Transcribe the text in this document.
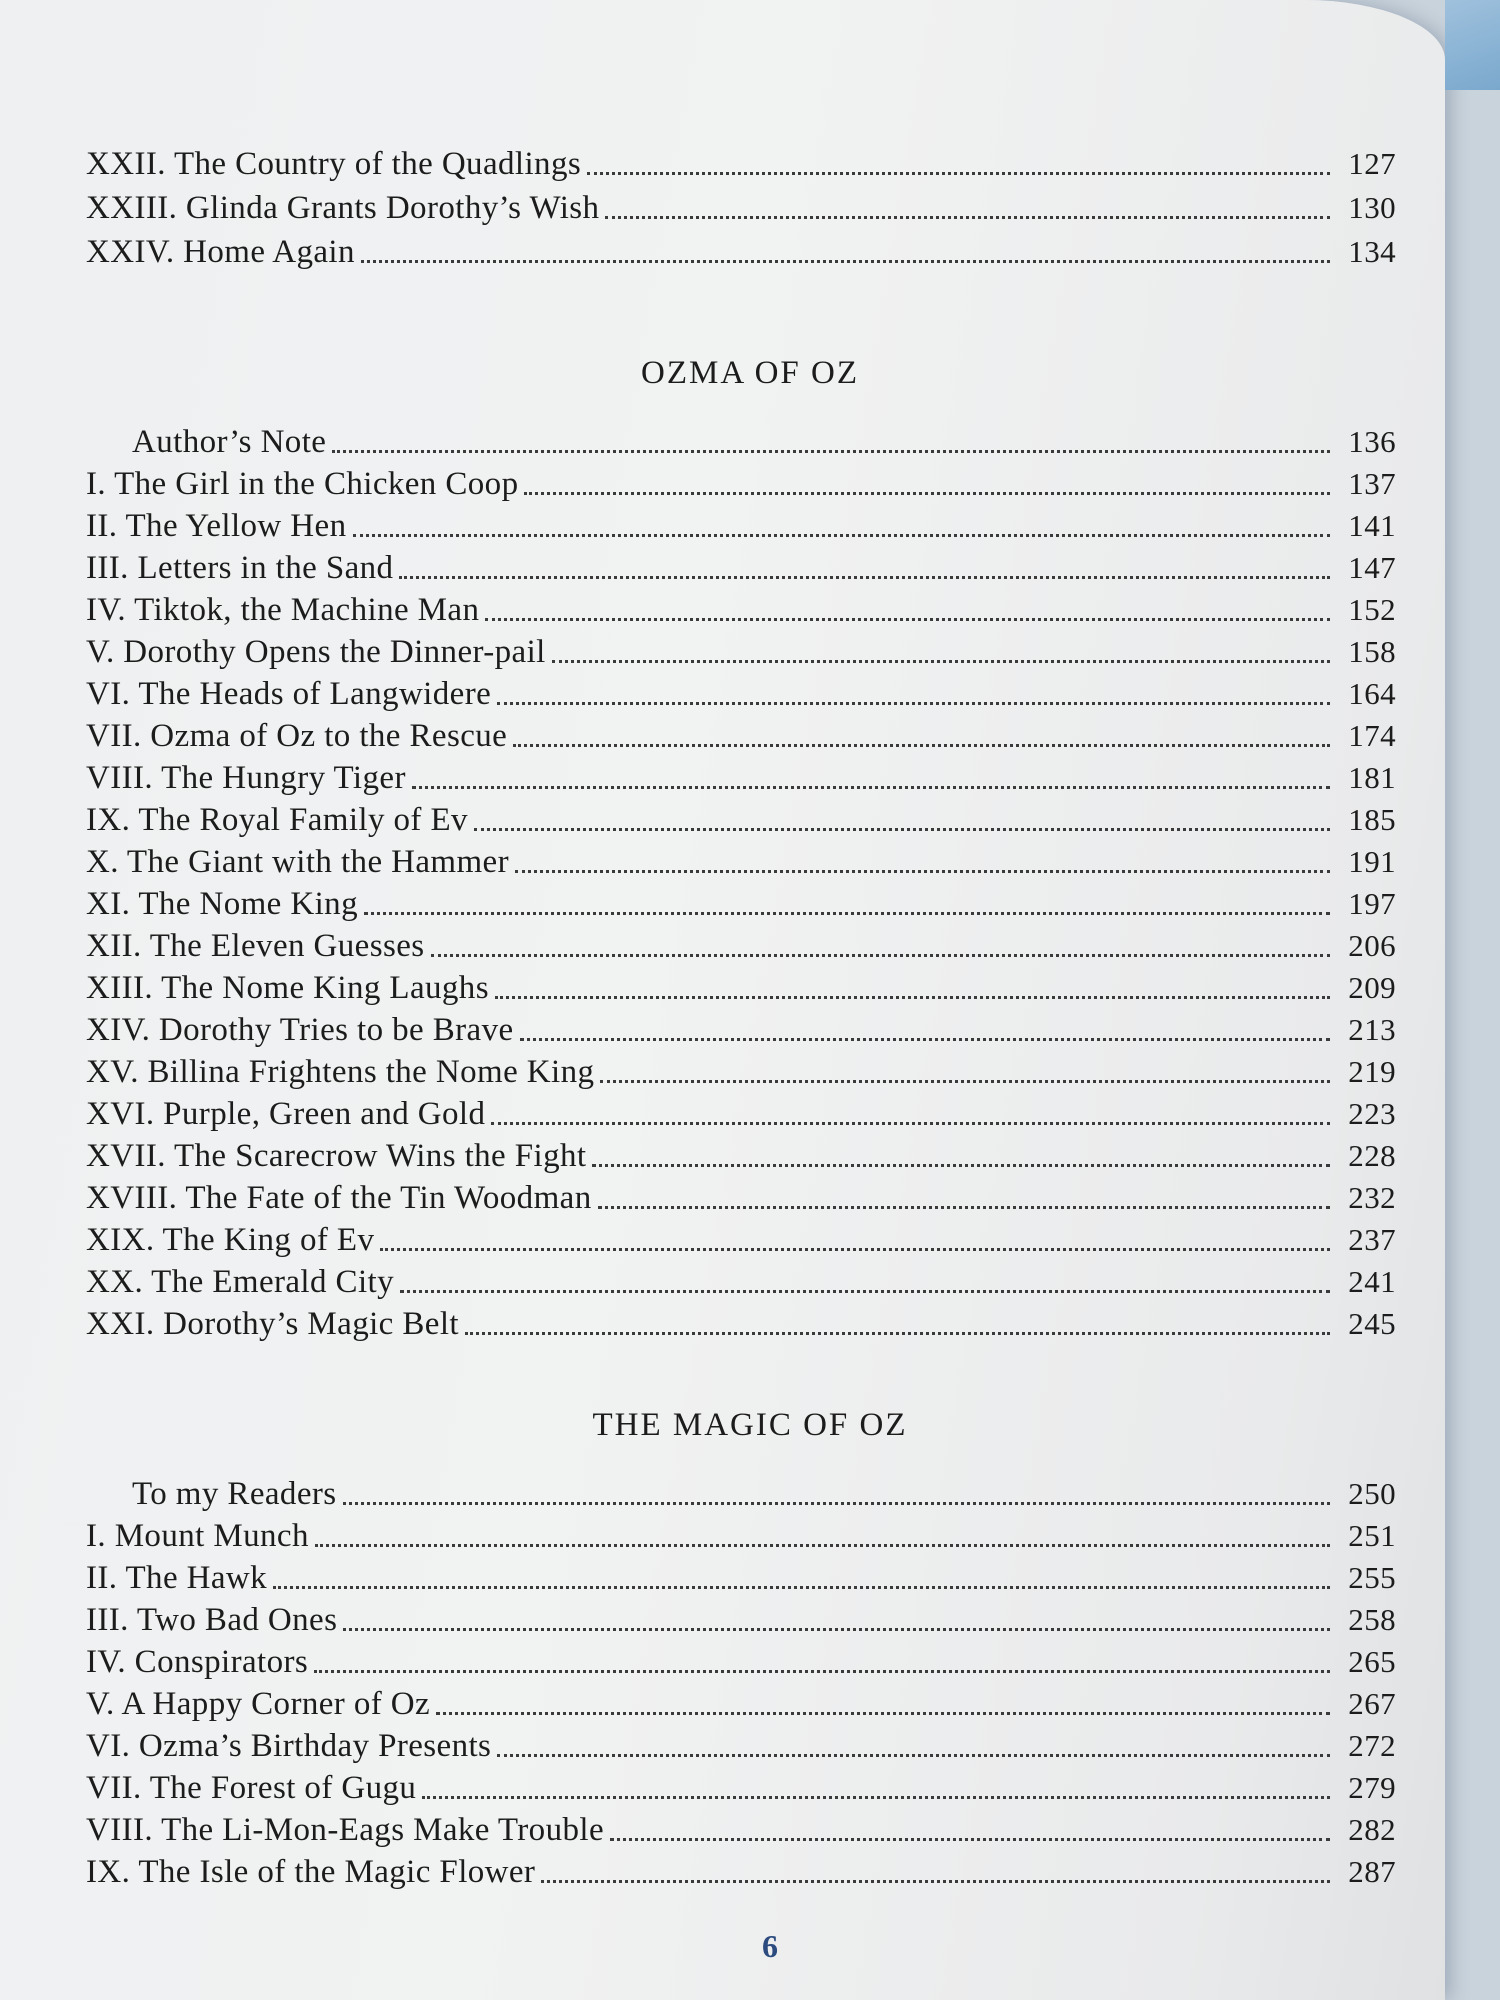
XXII. The Country of the Quadlings	127
XXIII. Glinda Grants Dorothy’s Wish	130
XXIV. Home Again	134
OZMA OF OZ
Author’s Note	136
I. The Girl in the Chicken Coop	137
II. The Yellow Hen	141
III. Letters in the Sand	147
IV. Tiktok, the Machine Man	152
V. Dorothy Opens the Dinner-pail	158
VI. The Heads of Langwidere	164
VII. Ozma of Oz to the Rescue	174
VIII. The Hungry Tiger	181
IX. The Royal Family of Ev	185
X. The Giant with the Hammer	191
XI. The Nome King	197
XII. The Eleven Guesses	206
XIII. The Nome King Laughs	209
XIV. Dorothy Tries to be Brave	213
XV. Billina Frightens the Nome King	219
XVI. Purple, Green and Gold	223
XVII. The Scarecrow Wins the Fight	228
XVIII. The Fate of the Tin Woodman	232
XIX. The King of Ev	237
XX. The Emerald City	241
XXI. Dorothy’s Magic Belt	245
THE MAGIC OF OZ
To my Readers	250
I. Mount Munch	251
II. The Hawk	255
III. Two Bad Ones	258
IV. Conspirators	265
V. A Happy Corner of Oz	267
VI. Ozma’s Birthday Presents	272
VII. The Forest of Gugu	279
VIII. The Li-Mon-Eags Make Trouble	282
IX. The Isle of the Magic Flower	287
6
